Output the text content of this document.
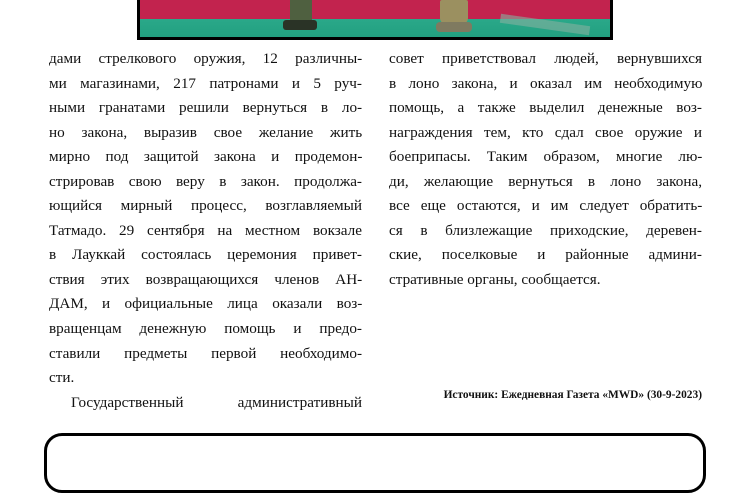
дами стрелкового оружия, 12 различны-
ми магазинами, 217 патронами и 5 руч-
ными гранатами решили вернуться в ло-
но закона, выразив свое желание жить
мирно под защитой закона и продемон-
стрировав свою веру в закон. продолжа-
ющийся мирный процесс, возглавляемый
Татмадо. 29 сентября на местном вокзале
в Лауккай состоялась церемония привет-
ствия этих возвращающихся членов АН-
ДАМ, и официальные лица оказали воз-
вращенцам денежную помощь и предо-
ставили предметы первой необходимо-
сти.
Государственный административный
совет приветствовал людей, вернувшихся
в лоно закона, и оказал им необходимую
помощь, а также выделил денежные воз-
награждения тем, кто сдал свое оружие и
боеприпасы. Таким образом, многие лю-
ди, желающие вернуться в лоно закона,
все еще остаются, и им следует обратить-
ся в близлежащие приходские, деревен-
ские, поселковые и районные админи-
стративные органы, сообщается.
Источник: Ежедневная Газета «MWD» (30-9-2023)
